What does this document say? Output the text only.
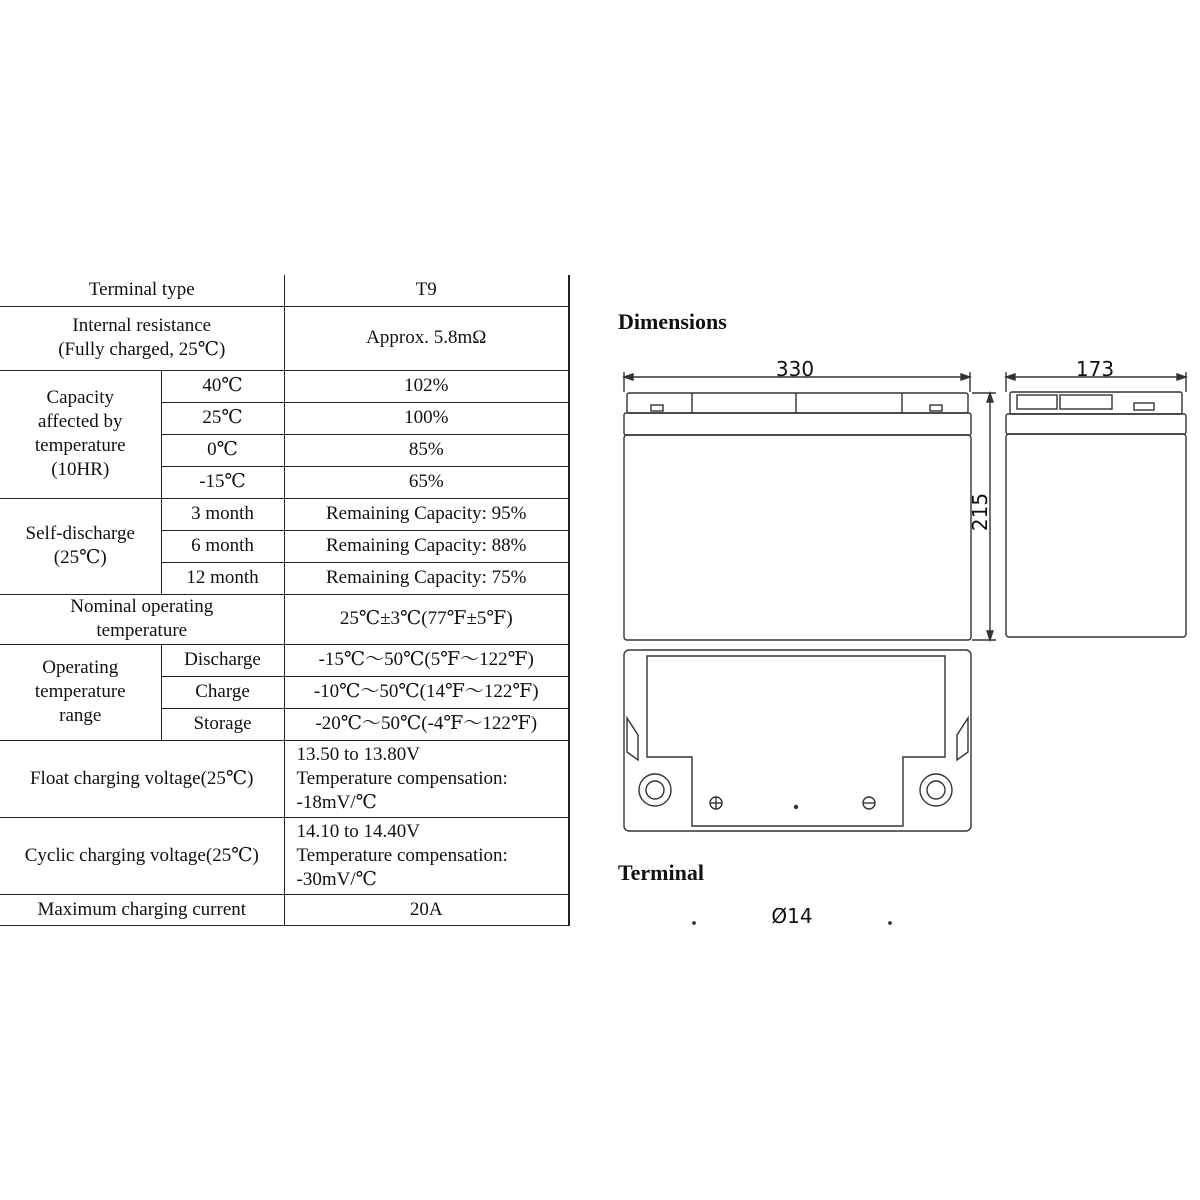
Terminal type		T9

Internal resistance
(Fully charged, 25℃)		Approx. 5.8mΩ

Capacity
affected by
temperature
(10HR)	40℃	102%
	25℃	100%
	0℃	85%
	-15℃	65%

Self-discharge
(25℃)	3 month	Remaining Capacity: 95%
	6 month	Remaining Capacity: 88%
	12 month	Remaining Capacity: 75%

Nominal operating
temperature		25℃±3℃(77℉±5℉)

Operating
temperature
range	Discharge	-15℃～50℃(5℉～122℉)
	Charge	-10℃～50℃(14℉～122℉)
	Storage	-20℃～50℃(-4℉～122℉)
Float charging voltage(25℃)		13.50 to 13.80V
Temperature compensation:
-18mV/℃

Cyclic charging voltage(25℃)		14.10 to 14.40V
Temperature compensation:
-30mV/℃

Maximum charging current		20A
Dimensions
Terminal
330	173
215
Ø14
